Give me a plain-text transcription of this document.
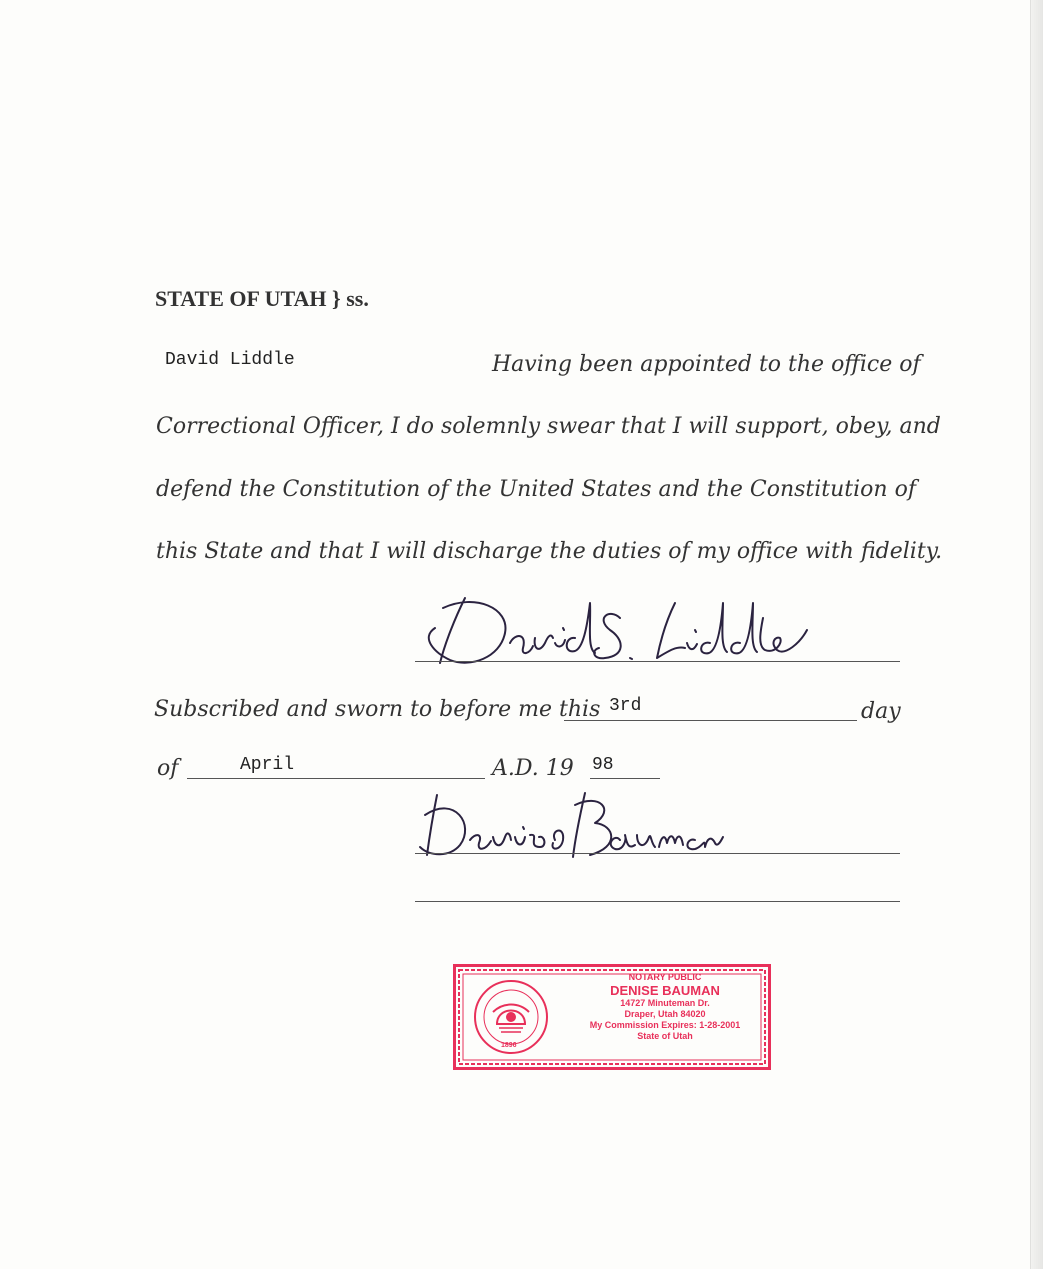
STATE OF UTAH } ss.
David Liddle	Having been appointed to the office of
Correctional Officer, I do solemnly swear that I will support, obey, and
defend the Constitution of the United States and the Constitution of
this State and that I will discharge the duties of my office with fidelity.
Subscribed and sworn to before me this 3rd	day
of	April	A.D. 19 98
1896
NOTARY PUBLIC
DENISE BAUMAN
14727 Minuteman Dr.
Draper, Utah 84020
My Commission Expires: 1-28-2001
State of Utah
